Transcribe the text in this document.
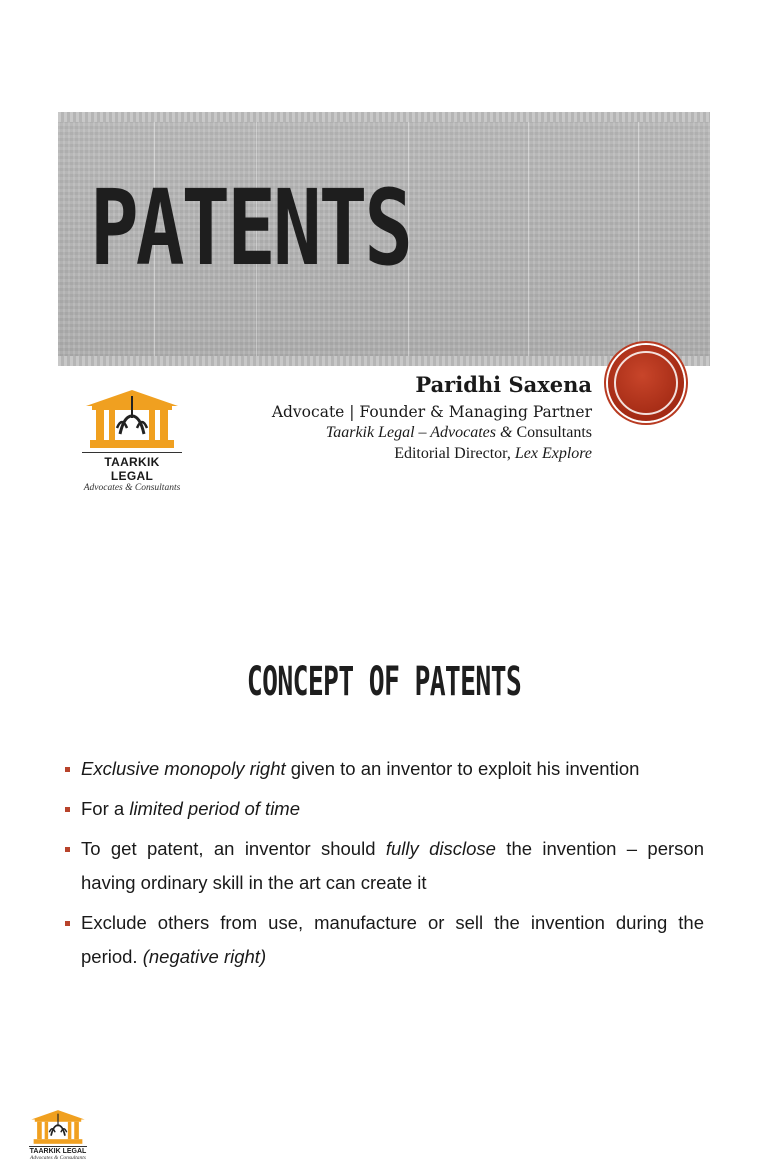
PATENTS
TAARKIK LEGAL
Advocates & Consultants

Paridhi Saxena

Advocate | Founder & Managing Partner

Taarkik Legal – Advocates & Consultants

Editorial Director, Lex Explore

TAARKIK LEGAL
Advocates & Consultants
CONCEPT OF PATENTS
Exclusive monopoly right given to an inventor to exploit his invention
For a limited period of time
To get patent, an inventor should fully disclose the invention – person having ordinary skill in the art can create it
Exclude others from use, manufacture or sell the invention during the period. (negative right)
